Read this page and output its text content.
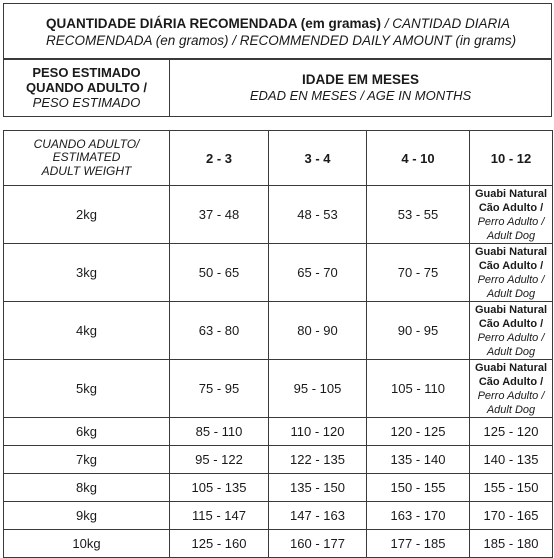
QUANTIDADE DIÁRIA RECOMENDADA (em gramas) / CANTIDAD DIARIA
RECOMENDADA (en gramos) / RECOMMENDED DAILY AMOUNT (in grams)
PESO ESTIMADO
QUANDO ADULTO /
PESO ESTIMADO
IDADE EM MESES
EDAD EN MESES / AGE IN MONTHS
CUANDO ADULTO/
ESTIMATED
ADULT WEIGHT	2 - 3	3 - 4	4 - 10	10 - 12
2kg	37 - 48	48 - 53	53 - 55	Guabi Natural
Cão Adulto /
Perro Adulto /
Adult Dog

3kg	50 - 65	65 - 70	70 - 75	Guabi Natural
Cão Adulto /
Perro Adulto /
Adult Dog

4kg	63 - 80	80 - 90	90 - 95	Guabi Natural
Cão Adulto /
Perro Adulto /
Adult Dog

5kg	75 - 95	95 - 105	105 - 110	Guabi Natural
Cão Adulto /
Perro Adulto /
Adult Dog

6kg	85 - 110	110 - 120	120 - 125	125 - 120
7kg	95 - 122	122 - 135	135 - 140	140 - 135
8kg	105 - 135	135 - 150	150 - 155	155 - 150
9kg	115 - 147	147 - 163	163 - 170	170 - 165
10kg	125 - 160	160 - 177	177 - 185	185 - 180
